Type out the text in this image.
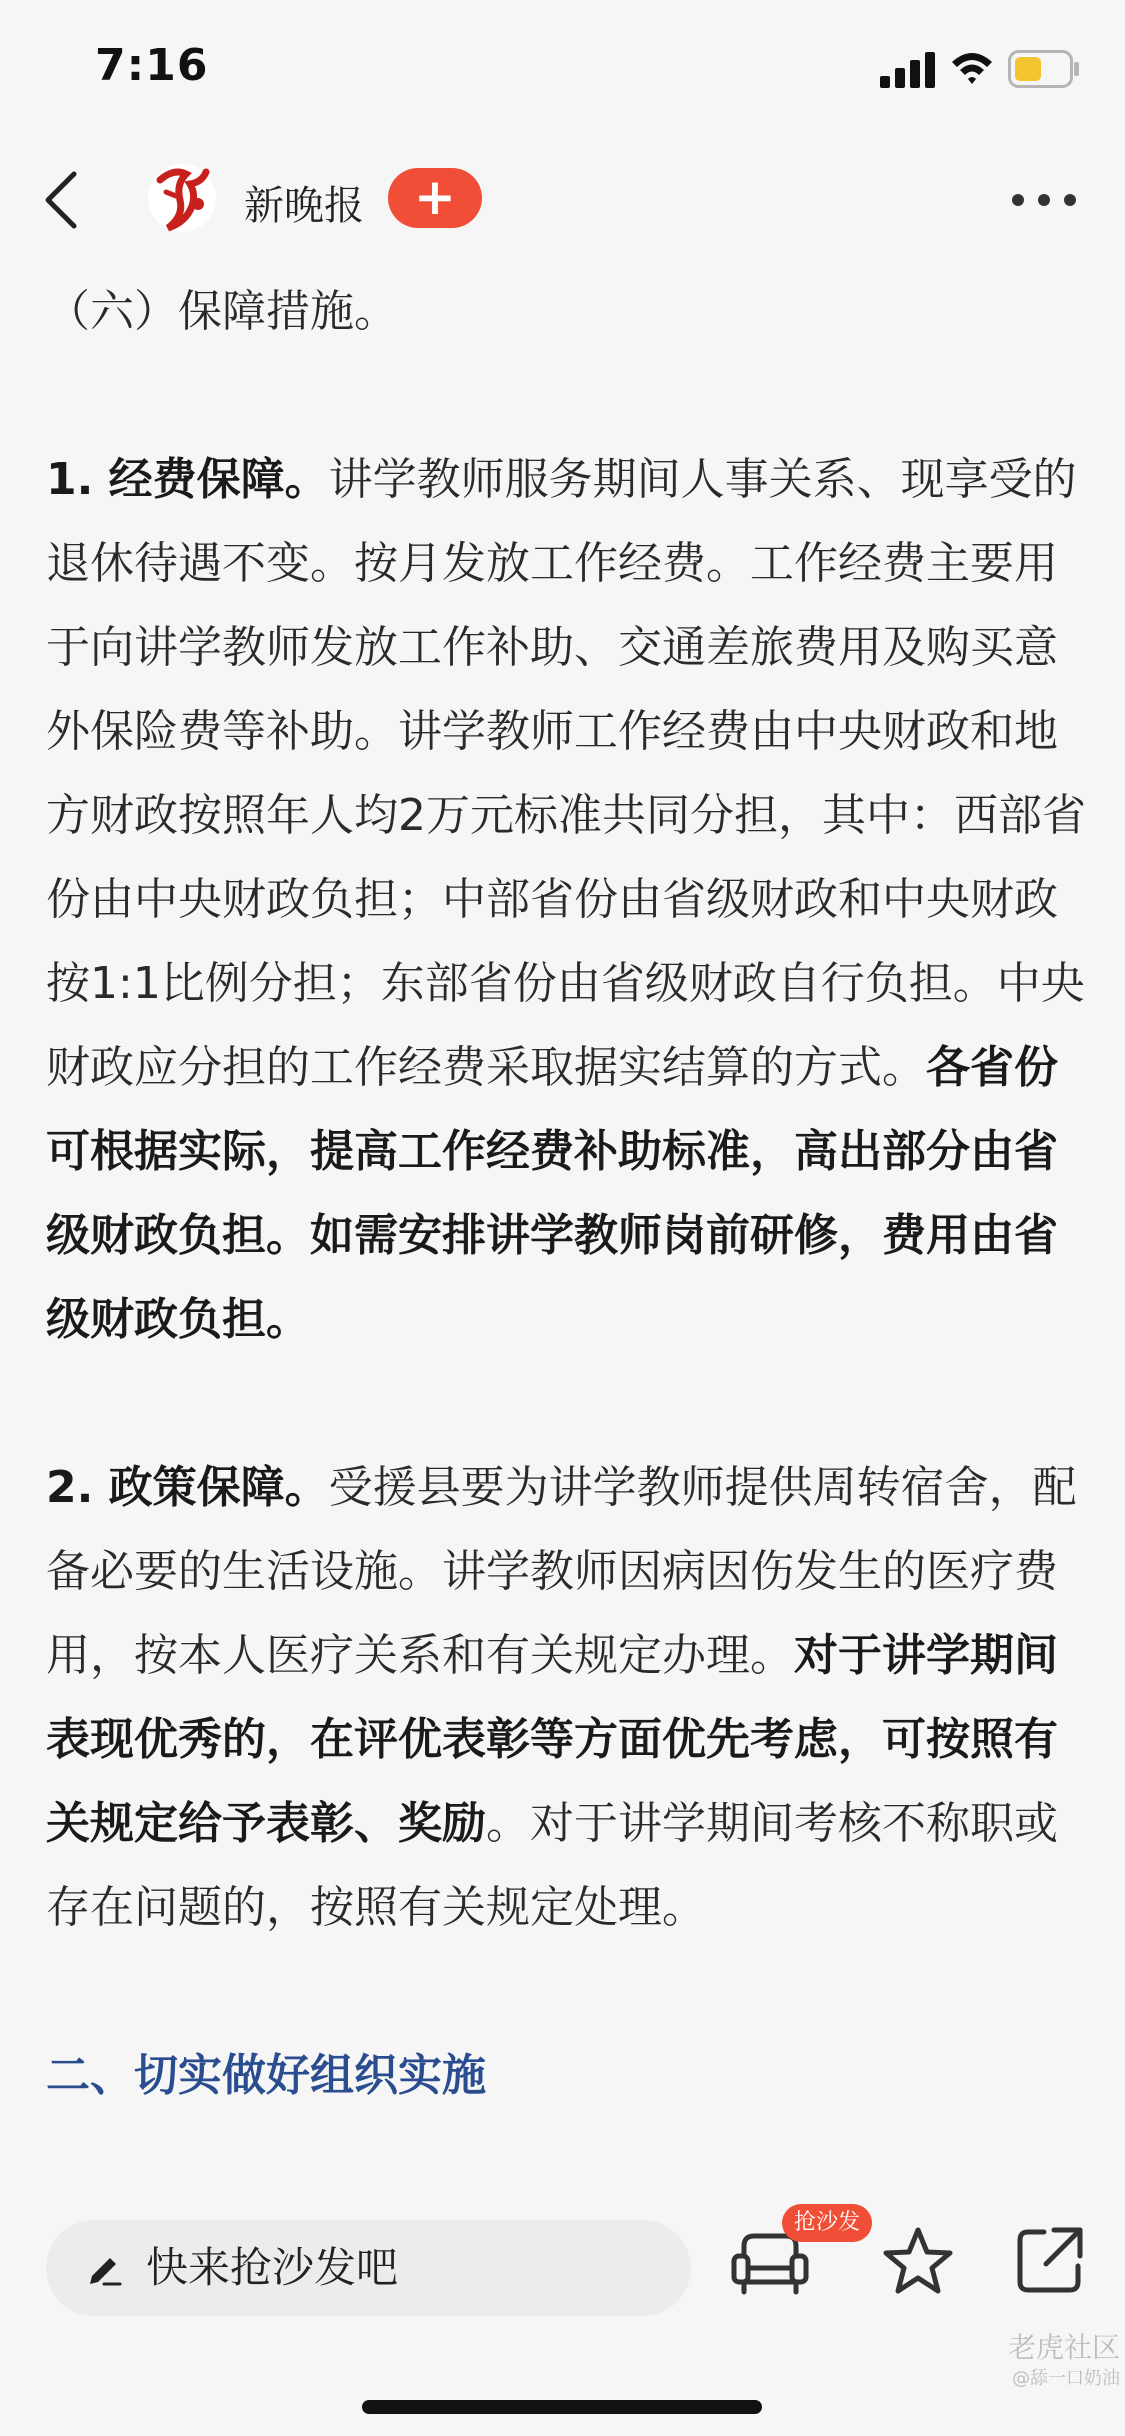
7:16
新晚报	+

（六）保障措施。

1. 经费保障。讲学教师服务期间人事关系、现享受的退休待遇不变。按月发放工作经费。工作经费主要用于向讲学教师发放工作补助、交通差旅费用及购买意外保险费等补助。讲学教师工作经费由中央财政和地方财政按照年人均2万元标准共同分担，其中：西部省份由中央财政负担；中部省份由省级财政和中央财政按1:1比例分担；东部省份由省级财政自行负担。中央财政应分担的工作经费采取据实结算的方式。各省份可根据实际，提高工作经费补助标准，高出部分由省级财政负担。如需安排讲学教师岗前研修，费用由省级财政负担。

2. 政策保障。受援县要为讲学教师提供周转宿舍，配备必要的生活设施。讲学教师因病因伤发生的医疗费用，按本人医疗关系和有关规定办理。对于讲学期间表现优秀的，在评优表彰等方面优先考虑，可按照有关规定给予表彰、奖励。对于讲学期间考核不称职或存在问题的，按照有关规定处理。

二、切实做好组织实施

快来抢沙发吧
抢沙发
老虎社区
@舔一口奶油
